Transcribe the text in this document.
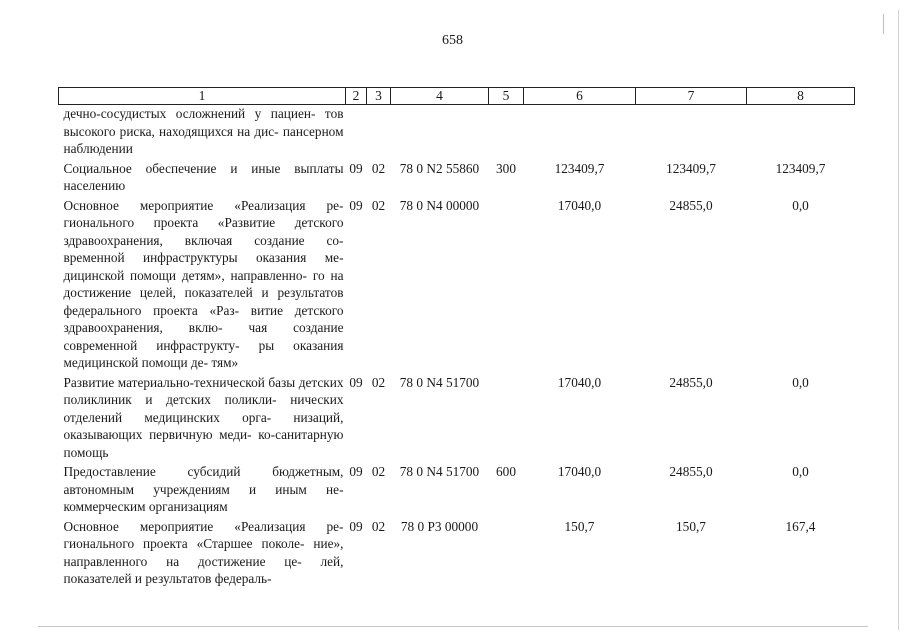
658
1	2	3	4	5	6	7	8
дечно-сосудистых осложнений у пациен- тов высокого риска, находящихся на дис- пансерном наблюдении							
Социальное обеспечение и иные выплаты населению	09	02	78 0 N2 55860	300	123409,7	123409,7	123409,7
Основное мероприятие «Реализация ре- гионального проекта «Развитие детского здравоохранения, включая создание со- временной инфраструктуры оказания ме- дицинской помощи детям», направленно- го на достижение целей, показателей и результатов федерального проекта «Раз- витие детского здравоохранения, вклю- чая создание современной инфраструкту- ры оказания медицинской помощи де- тям»	09	02	78 0 N4 00000		17040,0	24855,0	0,0
Развитие материально-технической базы детских поликлиник и детских поликли- нических отделений медицинских орга- низаций, оказывающих первичную меди- ко-санитарную помощь	09	02	78 0 N4 51700		17040,0	24855,0	0,0
Предоставление субсидий бюджетным, автономным учреждениям и иным не- коммерческим организациям	09	02	78 0 N4 51700	600	17040,0	24855,0	0,0
Основное мероприятие «Реализация ре- гионального проекта «Старшее поколе- ние», направленного на достижение це- лей, показателей и результатов федераль-	09	02	78 0 P3 00000		150,7	150,7	167,4
